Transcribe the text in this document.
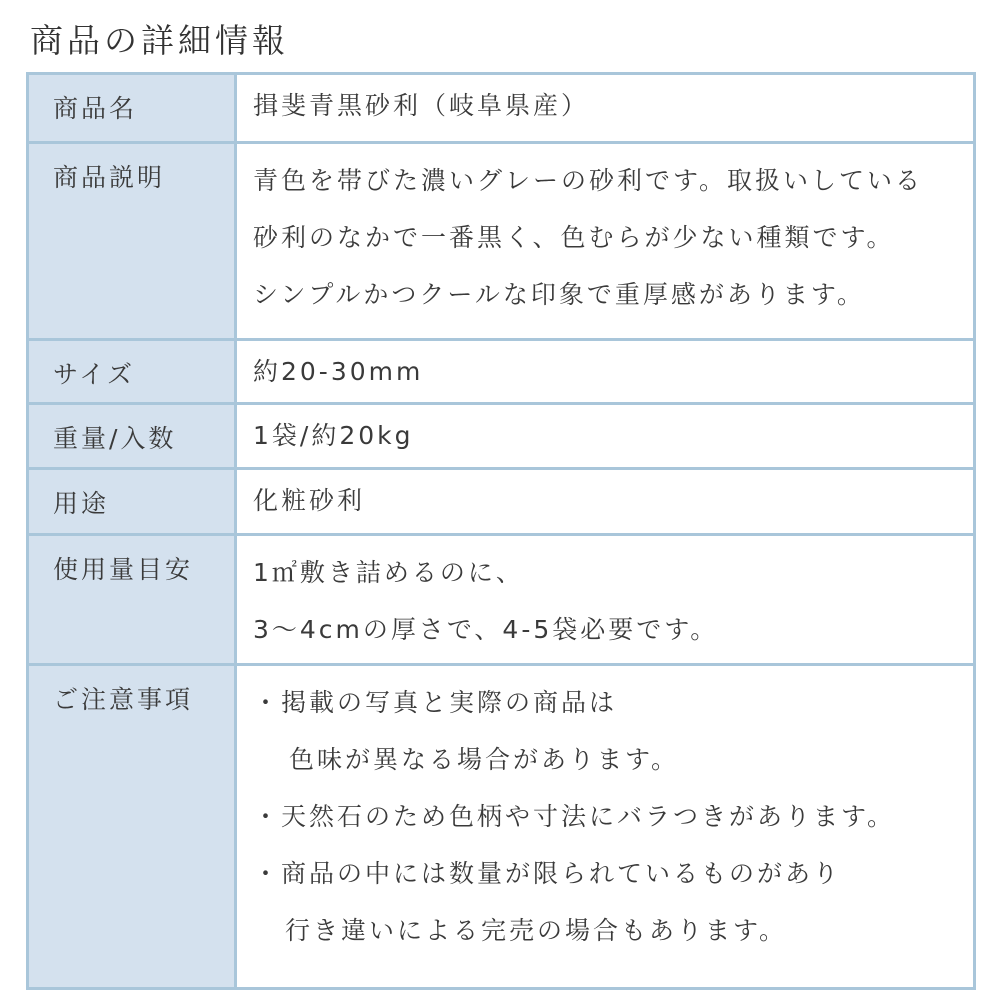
商品の詳細情報
商品名	揖斐青黒砂利（岐阜県産）
商品説明	青色を帯びた濃いグレーの砂利です。取扱いしている
砂利のなかで一番黒く、色むらが少ない種類です。
シンプルかつクールな印象で重厚感があります。
サイズ	約20-30mm
重量/入数	1袋/約20kg
用途	化粧砂利
使用量目安	1㎡敷き詰めるのに、
3～4cmの厚さで、4-5袋必要です。
ご注意事項	・掲載の写真と実際の商品は
色味が異なる場合があります。
・天然石のため色柄や寸法にバラつきがあります。
・商品の中には数量が限られているものがあり
行き違いによる完売の場合もあります。
